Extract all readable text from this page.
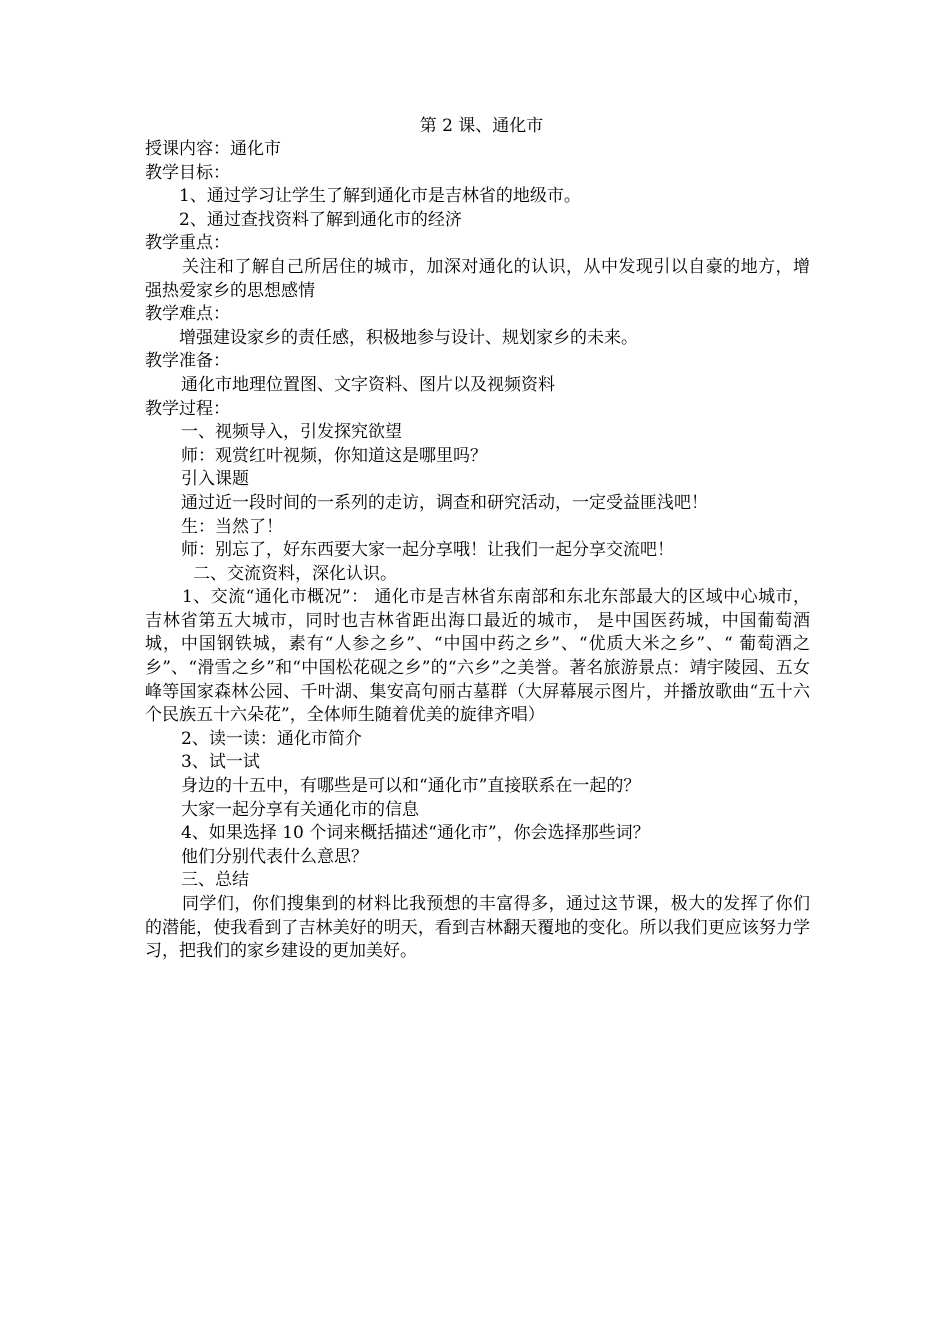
第 2 课、通化市

授课内容：通化市

教学目标：

1、通过学习让学生了解到通化市是吉林省的地级市。

2、通过查找资料了解到通化市的经济

教学重点：

关注和了解自己所居住的城市，加深对通化的认识，从中发现引以自豪的地方，增强热爱家乡的思想感情

教学难点：

增强建设家乡的责任感，积极地参与设计、规划家乡的未来。

教学准备：

通化市地理位置图、文字资料、图片以及视频资料

教学过程：

一、视频导入，引发探究欲望

师：观赏红叶视频，你知道这是哪里吗？

引入课题

通过近一段时间的一系列的走访，调查和研究活动，一定受益匪浅吧！

生：当然了！

师：别忘了，好东西要大家一起分享哦！让我们一起分享交流吧！

二、交流资料，深化认识。

1、交流“通化市概况”： 通化市是吉林省东南部和东北东部最大的区域中心城市，吉林省第五大城市，同时也吉林省距出海口最近的城市， 是中国医药城，中国葡萄酒城，中国钢铁城，素有“人参之乡”、“中国中药之乡”、“优质大米之乡”、“ 葡萄酒之乡”、“滑雪之乡”和“中国松花砚之乡”的“六乡”之美誉。著名旅游景点：靖宇陵园、五女峰等国家森林公园、千叶湖、集安高句丽古墓群（大屏幕展示图片，并播放歌曲“五十六个民族五十六朵花”，全体师生随着优美的旋律齐唱）

2、读一读：通化市简介

3、试一试

身边的十五中，有哪些是可以和“通化市”直接联系在一起的？

大家一起分享有关通化市的信息

4、如果选择 10 个词来概括描述“通化市”，你会选择那些词？

他们分别代表什么意思？

三、总结

同学们，你们搜集到的材料比我预想的丰富得多，通过这节课，极大的发挥了你们的潜能，使我看到了吉林美好的明天，看到吉林翻天覆地的变化。所以我们更应该努力学习，把我们的家乡建设的更加美好。
